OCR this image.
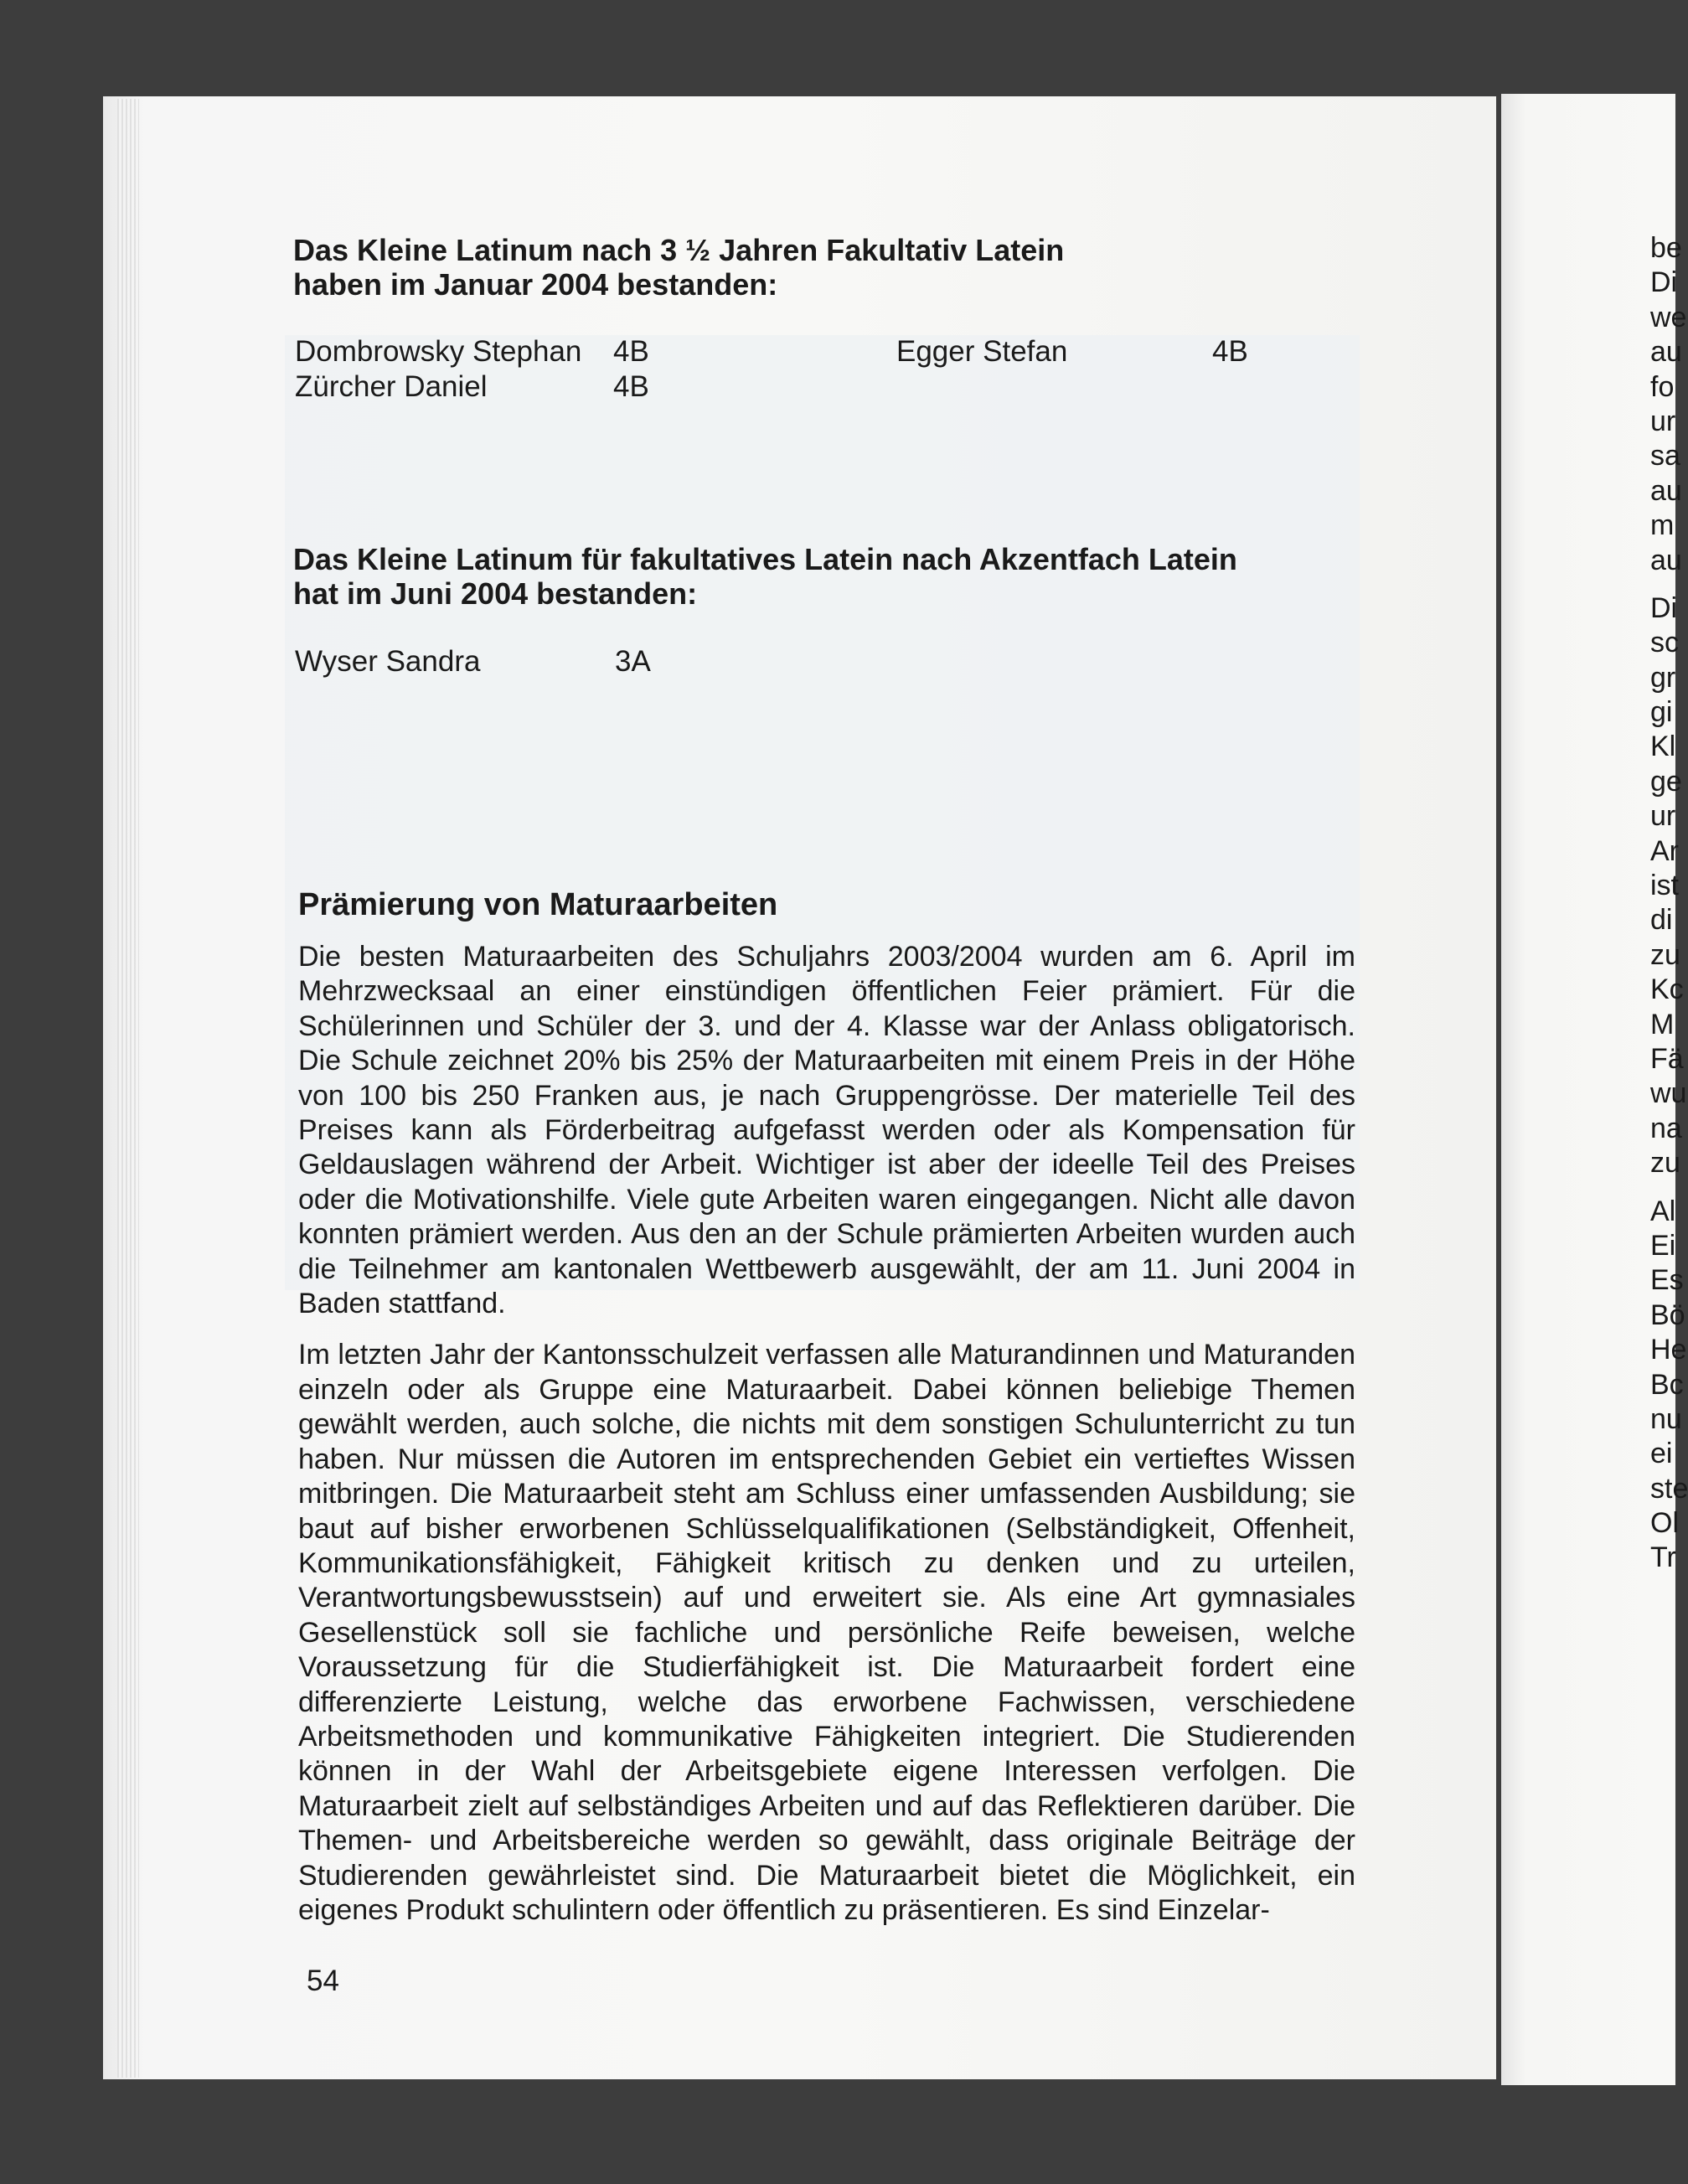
Das Kleine Latinum nach 3 ½ Jahren Fakultativ Latein

haben im Januar 2004 bestanden:

Dombrowsky Stephan 4B	Egger Stefan	4B
Zürcher Daniel	4B

Das Kleine Latinum für fakultatives Latein nach Akzentfach Latein

hat im Juni 2004 bestanden:

Wyser Sandra	3A

Prämierung von Maturaarbeiten

Die besten Maturaarbeiten des Schuljahrs 2003/2004 wurden am 6. April im Mehrzwecksaal an einer einstündigen öffentlichen Feier prämiert. Für die Schülerinnen und Schüler der 3. und der 4. Klasse war der Anlass obligatorisch. Die Schule zeichnet 20% bis 25% der Maturaarbeiten mit einem Preis in der Höhe von 100 bis 250 Franken aus, je nach Gruppengrösse. Der materielle Teil des Preises kann als Förderbeitrag aufgefasst werden oder als Kompensation für Geldauslagen während der Arbeit. Wichtiger ist aber der ideelle Teil des Preises oder die Motivationshilfe. Viele gute Arbeiten waren eingegangen. Nicht alle davon konnten prämiert werden. Aus den an der Schule prämierten Arbeiten wurden auch die Teilnehmer am kantonalen Wettbewerb ausgewählt, der am 11. Juni 2004 in Baden stattfand.

Im letzten Jahr der Kantonsschulzeit verfassen alle Maturandinnen und Maturanden einzeln oder als Gruppe eine Maturaarbeit. Dabei können beliebige Themen gewählt werden, auch solche, die nichts mit dem sonstigen Schulunterricht zu tun haben. Nur müssen die Autoren im entsprechenden Gebiet ein vertieftes Wissen mitbringen. Die Maturaarbeit steht am Schluss einer umfassenden Ausbildung; sie baut auf bisher erworbenen Schlüsselqualifikationen (Selbständigkeit, Offenheit, Kommunikationsfähigkeit, Fähigkeit kritisch zu denken und zu urteilen, Verantwortungsbewusstsein) auf und erweitert sie. Als eine Art gymnasiales Gesellenstück soll sie fachliche und persönliche Reife beweisen, welche Voraussetzung für die Studierfähigkeit ist. Die Maturaarbeit fordert eine differenzierte Leistung, welche das erworbene Fachwissen, verschiedene Arbeitsmethoden und kommunikative Fähigkeiten integriert. Die Studierenden können in der Wahl der Arbeitsgebiete eigene Interessen verfolgen. Die Maturaarbeit zielt auf selbständiges Arbeiten und auf das Reflektieren darüber. Die Themen- und Arbeitsbereiche werden so gewählt, dass originale Beiträge der Studierenden gewährleistet sind. Die Maturaarbeit bietet die Möglichkeit, ein eigenes Produkt schulintern oder öffentlich zu präsentieren. Es sind Einzelar-

54
be
Di
we
au
fo
ur
sa
au
m
au
Di
sc
gr
gi
Kl
ge
ur
Ar
ist
di
zu
Kc
M
Fä
wu
na
zu
Al
Ei
Es
Bö
He
Bc
nu
ei
ste
Ol
Tr
